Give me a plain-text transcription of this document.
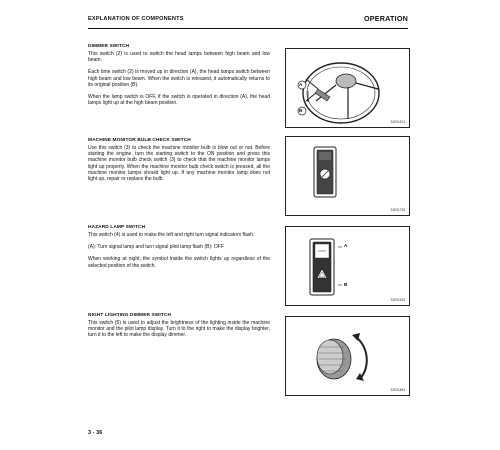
EXPLANATION OF COMPONENTS	OPERATION
DIMMER SWITCH

This switch (2) is used to switch the head lamps between high beam and low beam.

Each time switch (2) is moved up in direction (A), the head lamps switch between high beam and low beam. When the switch is released, it automatically returns to its original position (B).

When the lamp switch is OFF, if the switch is operated in direction (A), the head lamps light up at the high beam position.

A
B
9JE01874
MACHINE MONITOR BULB CHECK SWITCH

Use this switch (3) to check the machine monitor bulb is blow out or not. Before starting the engine, turn the starting switch to the ON position and press this machine monitor bulb check switch (3) to check that the machine monitor lamps light up properly. When the machine monitor bulb check switch is pressed, all the machine monitor lamps should light up. If any machine monitor lamp does not light up, repair or replace the bulb.

9JE01729
HAZARD LAMP SWITCH

This switch (4) is used to make the left and right turn signal indicators flash.

(A): Turn signal lamp and turn signal pilot lamp flash (B): OFF

When working at night, the symbol inside the switch lights up regardless of the selected position of the switch.

A
B
9JE01815
NIGHT LIGHTING DIMMER SWITCH

This switch (5) is used to adjust the brightness of the lighting inside the machine monitor and the pilot lamp display. Turn it to the right to make the display brighter, turn it to the left to make the display dimmer.

9JE01884
3 - 36
